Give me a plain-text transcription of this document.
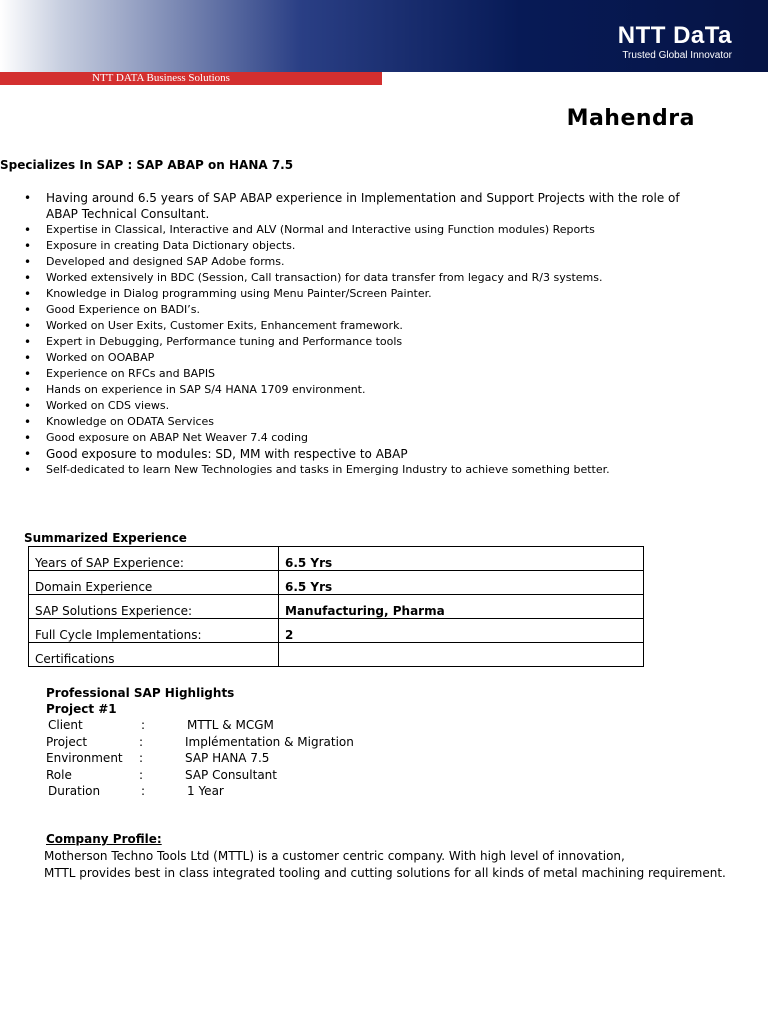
NTT DaTa
Trusted Global Innovator
NTT DATA Business Solutions
Mahendra
Specializes In SAP : SAP ABAP on HANA 7.5
• Having around 6.5 years of SAP ABAP experience in Implementation and Support Projects with the role of ABAP Technical Consultant.
• Expertise in Classical, Interactive and ALV (Normal and Interactive using Function modules) Reports
• Exposure in creating Data Dictionary objects.
• Developed and designed SAP Adobe forms.
• Worked extensively in BDC (Session, Call transaction) for data transfer from legacy and R/3 systems.
• Knowledge in Dialog programming using Menu Painter/Screen Painter.
• Good Experience on BADI’s.
• Worked on User Exits, Customer Exits, Enhancement framework.
• Expert in Debugging, Performance tuning and Performance tools
• Worked on OOABAP
• Experience on RFCs and BAPIS
• Hands on experience in SAP S/4 HANA 1709 environment.
• Worked on CDS views.
• Knowledge on ODATA Services
• Good exposure on ABAP Net Weaver 7.4 coding
• Good exposure to modules: SD, MM with respective to ABAP
• Self-dedicated to learn New Technologies and tasks in Emerging Industry to achieve something better.
Summarized Experience
Years of SAP Experience:	6.5 Yrs
Domain Experience	6.5 Yrs
SAP Solutions Experience:	Manufacturing, Pharma
Full Cycle Implementations:	2
Certifications	
Professional SAP Highlights
Project #1
Client	:	MTTL & MCGM
Project	:	Implémentation & Migration
Environment	:	SAP HANA 7.5
Role	:	SAP Consultant
Duration	:	1 Year
Company Profile:
Motherson Techno Tools Ltd (MTTL) is a customer centric company. With high level of innovation,
MTTL provides best in class integrated tooling and cutting solutions for all kinds of metal machining requirement.
